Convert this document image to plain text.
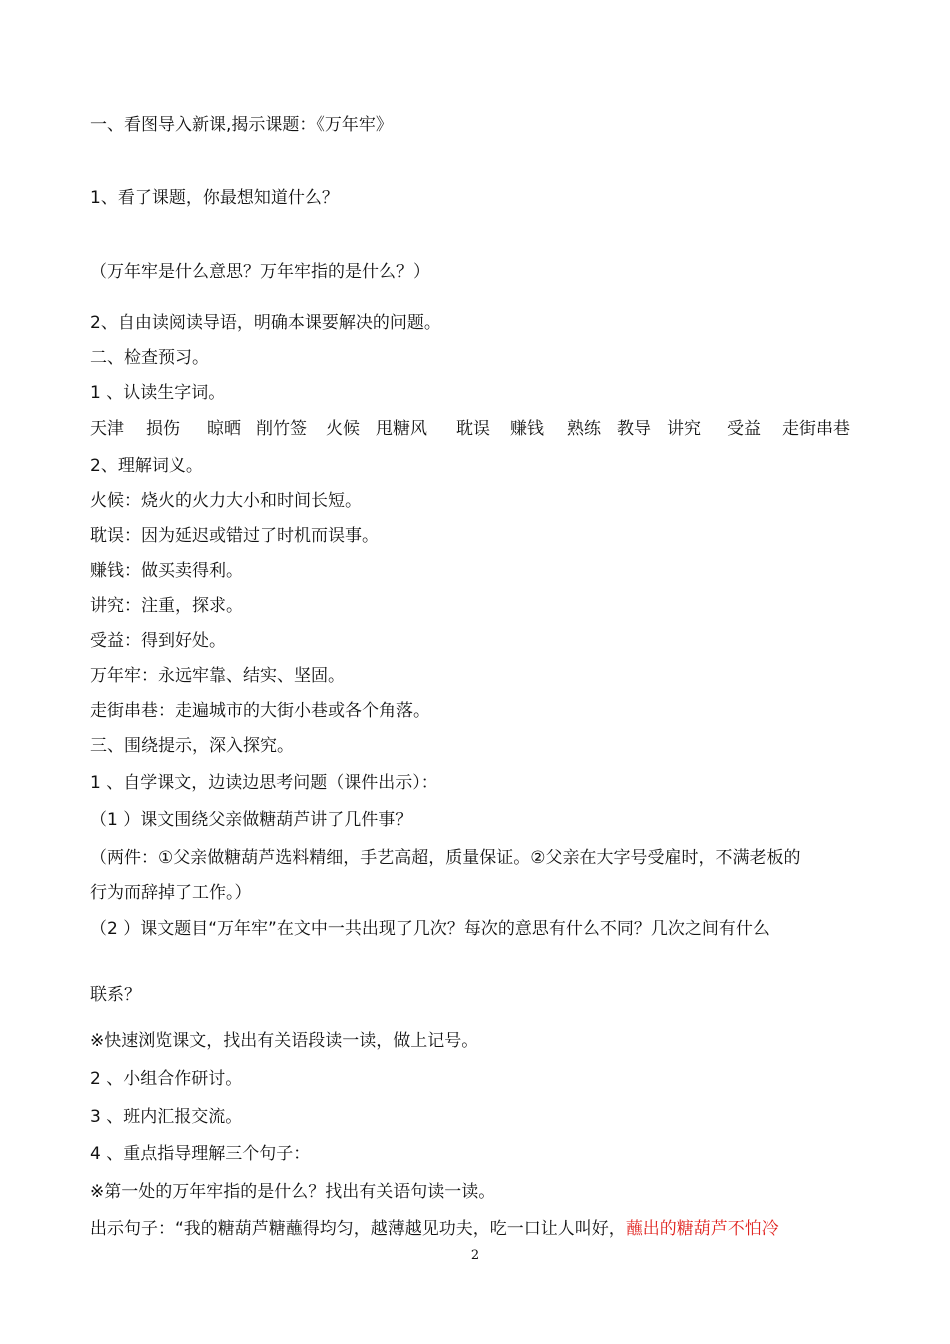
一、看图导入新课,揭示课题：《万年牢》
1、看了课题，你最想知道什么？
（万年牢是什么意思？万年牢指的是什么？）
2、自由读阅读导语，明确本课要解决的问题。
二、检查预习。
1 、认读生字词。
天津 损伤 晾晒 削竹签 火候 甩糖风 耽误 赚钱 熟练 教导 讲究 受益 走街串巷
2、理解词义。
火候：烧火的火力大小和时间长短。
耽误：因为延迟或错过了时机而误事。
赚钱：做买卖得利。
讲究：注重，探求。
受益：得到好处。
万年牢：永远牢靠、结实、坚固。
走街串巷：走遍城市的大街小巷或各个角落。
三、围绕提示，深入探究。
1 、自学课文，边读边思考问题（课件出示）：
（1 ）课文围绕父亲做糖葫芦讲了几件事？
（两件：①父亲做糖葫芦选料精细，手艺高超，质量保证。②父亲在大字号受雇时，不满老板的
行为而辞掉了工作。）
（2 ）课文题目“万年牢”在文中一共出现了几次？每次的意思有什么不同？几次之间有什么
联系？
※快速浏览课文，找出有关语段读一读，做上记号。
2 、小组合作研讨。
3 、班内汇报交流。
4 、重点指导理解三个句子：
※第一处的万年牢指的是什么？找出有关语句读一读。
出示句子：“我的糖葫芦糖蘸得均匀，越薄越见功夫，吃一口让人叫好，蘸出的糖葫芦不怕冷
2
